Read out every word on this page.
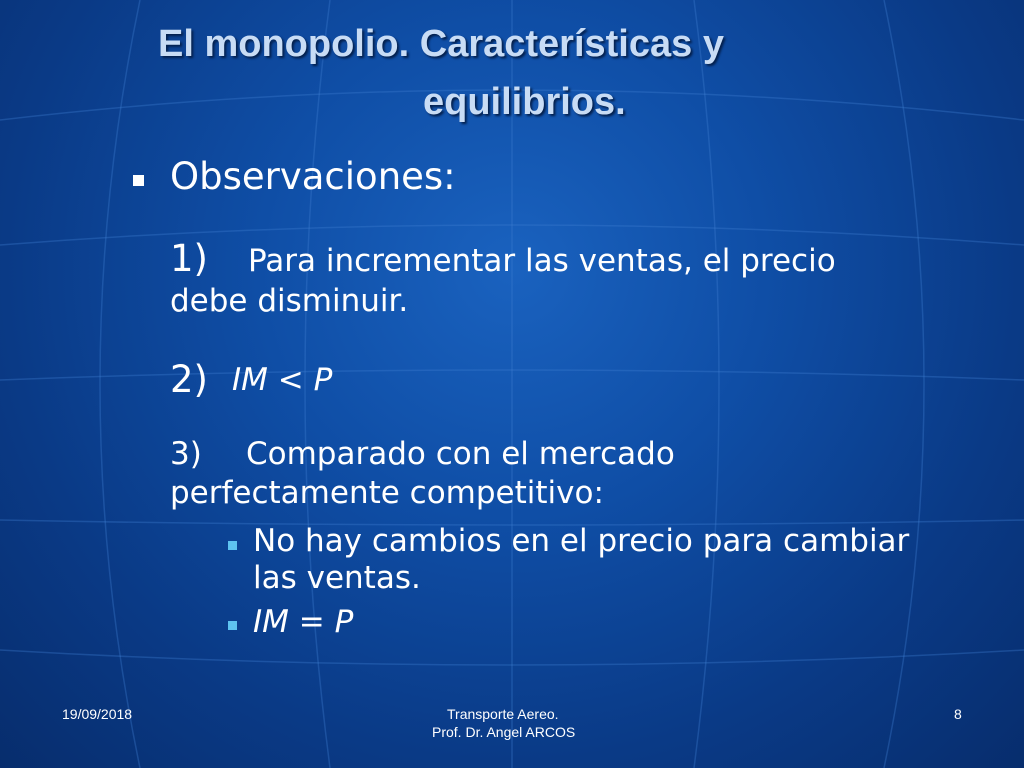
El monopolio. Características y
equilibrios.
Observaciones:
1) Para incrementar las ventas, el precio
debe disminuir.
2) IM < P
3) Comparado con el mercado
perfectamente competitivo:
No hay cambios en el precio para cambiar
las ventas.
IM = P
19/09/2018	Transporte Aereo.
Prof. Dr. Angel ARCOS
8
